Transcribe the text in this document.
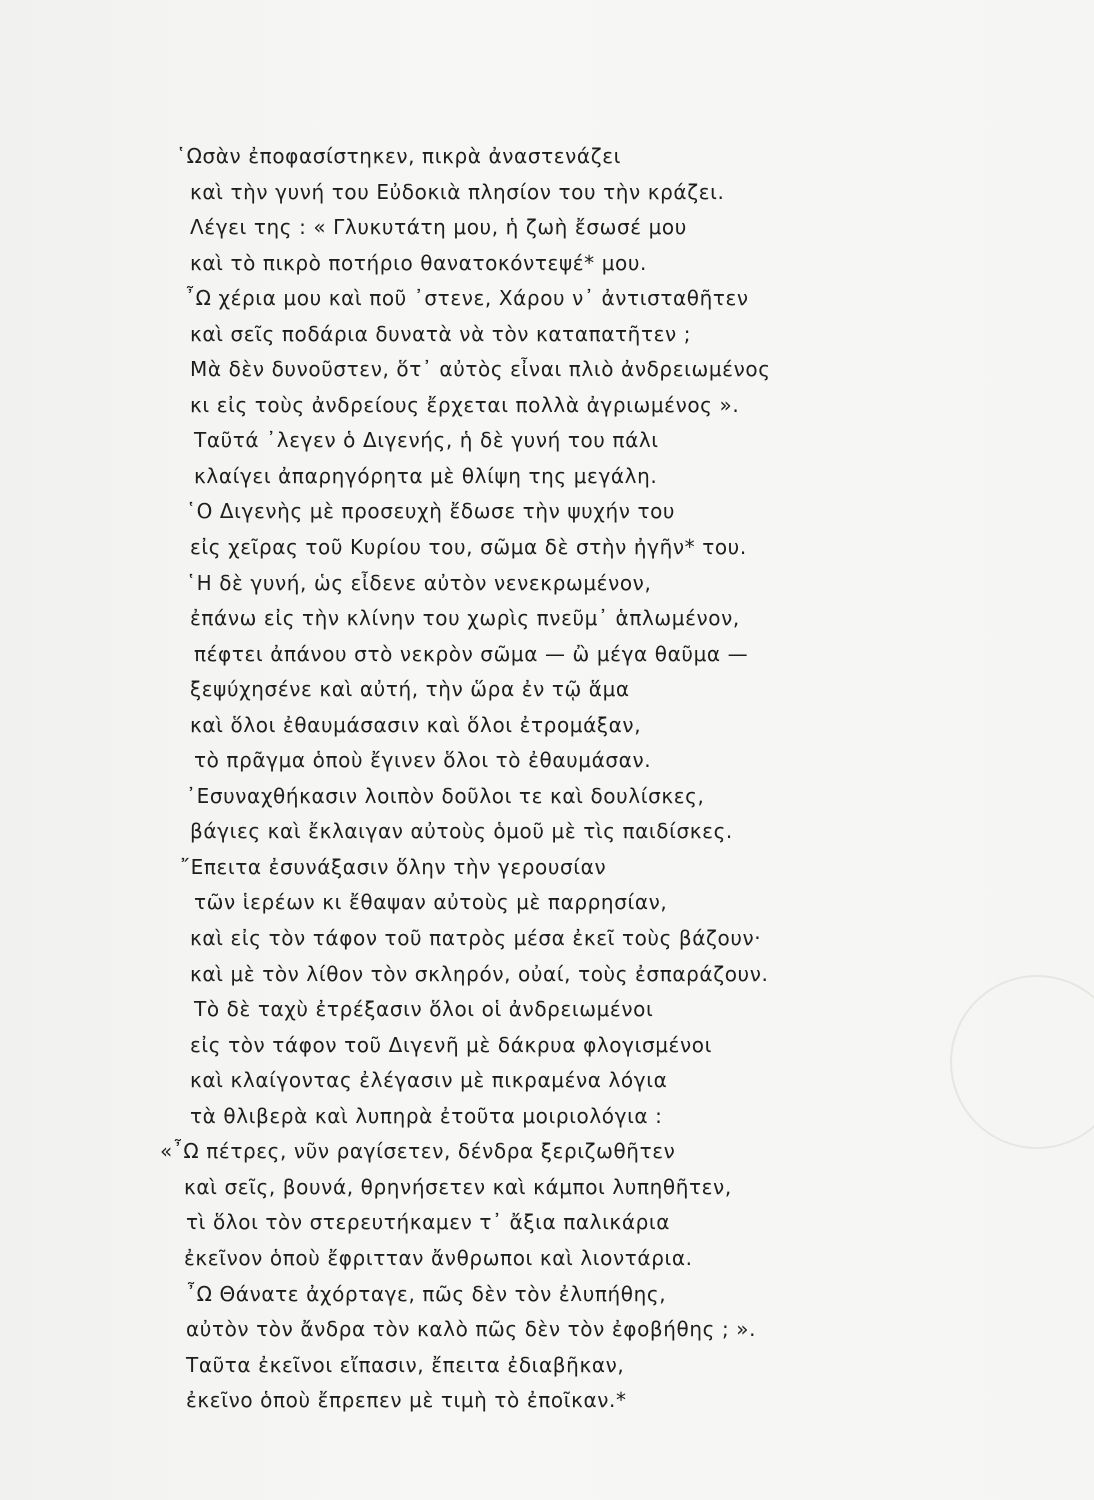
῾Ωσὰν ἐποφασίστηκεν, πικρὰ ἀναστενάζει
καὶ τὴν γυνή του Εὐδοκιὰ πλησίον του τὴν κράζει.
Λέγει της : « Γλυκυτάτη μου, ἡ ζωὴ ἔσωσέ μου
καὶ τὸ πικρὸ ποτήριο θανατοκόντεψέ* μου.
῏Ω χέρια μου καὶ ποῦ ᾿στενε, Χάρου ν᾿ ἀντισταθῆτεν
καὶ σεῖς ποδάρια δυνατὰ νὰ τὸν καταπατῆτεν ;
Μὰ δὲν δυνοῦστεν, ὅτ᾿ αὐτὸς εἶναι πλιὸ ἀνδρειωμένος
κι εἰς τοὺς ἀνδρείους ἔρχεται πολλὰ ἀγριωμένος ».
Ταῦτά ᾿λεγεν ὁ Διγενής, ἡ δὲ γυνή του πάλι
κλαίγει ἀπαρηγόρητα μὲ θλίψη της μεγάλη.
῾Ο Διγενὴς μὲ προσευχὴ ἔδωσε τὴν ψυχήν του
εἰς χεῖρας τοῦ Κυρίου του, σῶμα δὲ στὴν ἠγῆν* του.
῾Η δὲ γυνή, ὡς εἶδενε αὐτὸν νενεκρωμένον,
ἐπάνω εἰς τὴν κλίνην του χωρὶς πνεῦμ᾿ ἁπλωμένον,
πέφτει ἀπάνου στὸ νεκρὸν σῶμα — ὢ μέγα θαῦμα —
ξεψύχησένε καὶ αὐτή, τὴν ὥρα ἐν τῷ ἅμα
καὶ ὅλοι ἐθαυμάσασιν καὶ ὅλοι ἐτρομάξαν,
τὸ πρᾶγμα ὁποὺ ἔγινεν ὅλοι τὸ ἐθαυμάσαν.
᾿Εσυναχθήκασιν λοιπὸν δοῦλοι τε καὶ δουλίσκες,
βάγιες καὶ ἔκλαιγαν αὐτοὺς ὁμοῦ μὲ τὶς παιδίσκες.
῎Επειτα ἐσυνάξασιν ὅλην τὴν γερουσίαν
τῶν ἱερέων κι ἔθαψαν αὐτοὺς μὲ παρρησίαν,
καὶ εἰς τὸν τάφον τοῦ πατρὸς μέσα ἐκεῖ τοὺς βάζουν·
καὶ μὲ τὸν λίθον τὸν σκληρόν, οὐαί, τοὺς ἐσπαράζουν.
Τὸ δὲ ταχὺ ἐτρέξασιν ὅλοι οἱ ἀνδρειωμένοι
εἰς τὸν τάφον τοῦ Διγενῆ μὲ δάκρυα φλογισμένοι
καὶ κλαίγοντας ἐλέγασιν μὲ πικραμένα λόγια
τὰ θλιβερὰ καὶ λυπηρὰ ἐτοῦτα μοιριολόγια :
«῏Ω πέτρες, νῦν ραγίσετεν, δένδρα ξεριζωθῆτεν
καὶ σεῖς, βουνά, θρηνήσετεν καὶ κάμποι λυπηθῆτεν,
τὶ ὅλοι τὸν στερευτήκαμεν τ᾿ ἄξια παλικάρια
ἐκεῖνον ὁποὺ ἔφριτταν ἄνθρωποι καὶ λιοντάρια.
῏Ω Θάνατε ἀχόρταγε, πῶς δὲν τὸν ἐλυπήθης,
αὐτὸν τὸν ἄνδρα τὸν καλὸ πῶς δὲν τὸν ἐφοβήθης ; ».
Ταῦτα ἐκεῖνοι εἴπασιν, ἔπειτα ἐδιαβῆκαν,
ἐκεῖνο ὁποὺ ἔπρεπεν μὲ τιμὴ τὸ ἐποῖκαν.*
